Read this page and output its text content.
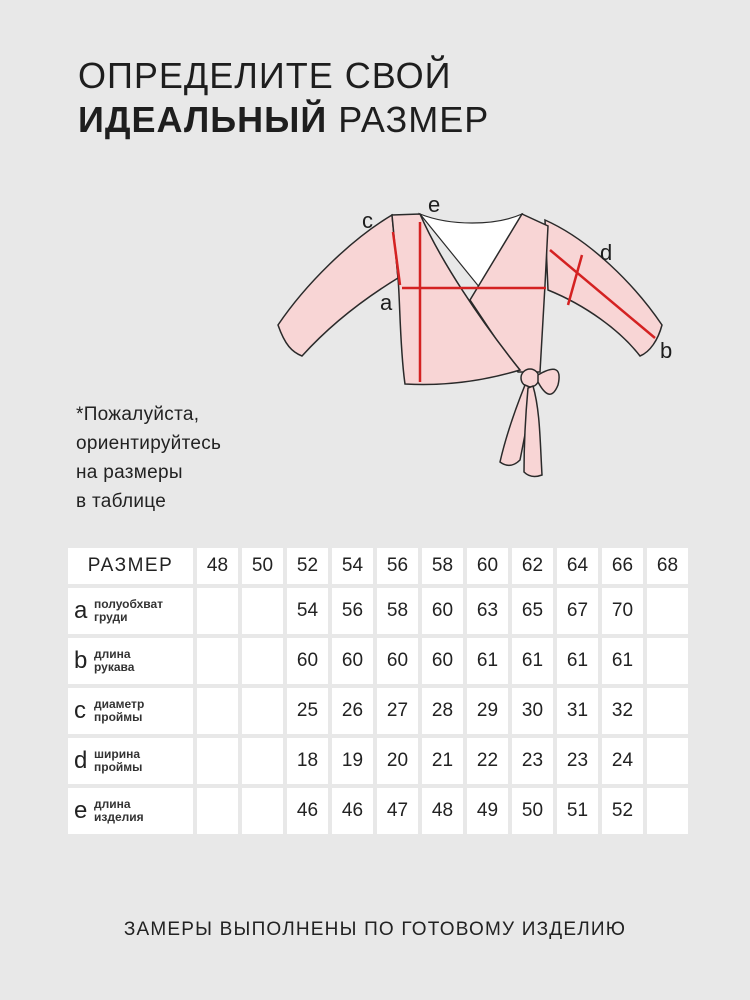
ОПРЕДЕЛИТЕ СВОЙ
ИДЕАЛЬНЫЙ РАЗМЕР
c
e
a
d
b
*Пожалуйста,
ориентируйтесь
на размеры
в таблице
РАЗМЕР	48	50	52	54	56	58	60	62	64	66	68

a полуобхват
груди			54	56	58	60	63	65	67	70	

b длина
рукава			60	60	60	60	61	61	61	61	

c диаметр
проймы			25	26	27	28	29	30	31	32	

d ширина
проймы			18	19	20	21	22	23	23	24	

e длина
изделия			46	46	47	48	49	50	51	52	
ЗАМЕРЫ ВЫПОЛНЕНЫ ПО ГОТОВОМУ ИЗДЕЛИЮ
